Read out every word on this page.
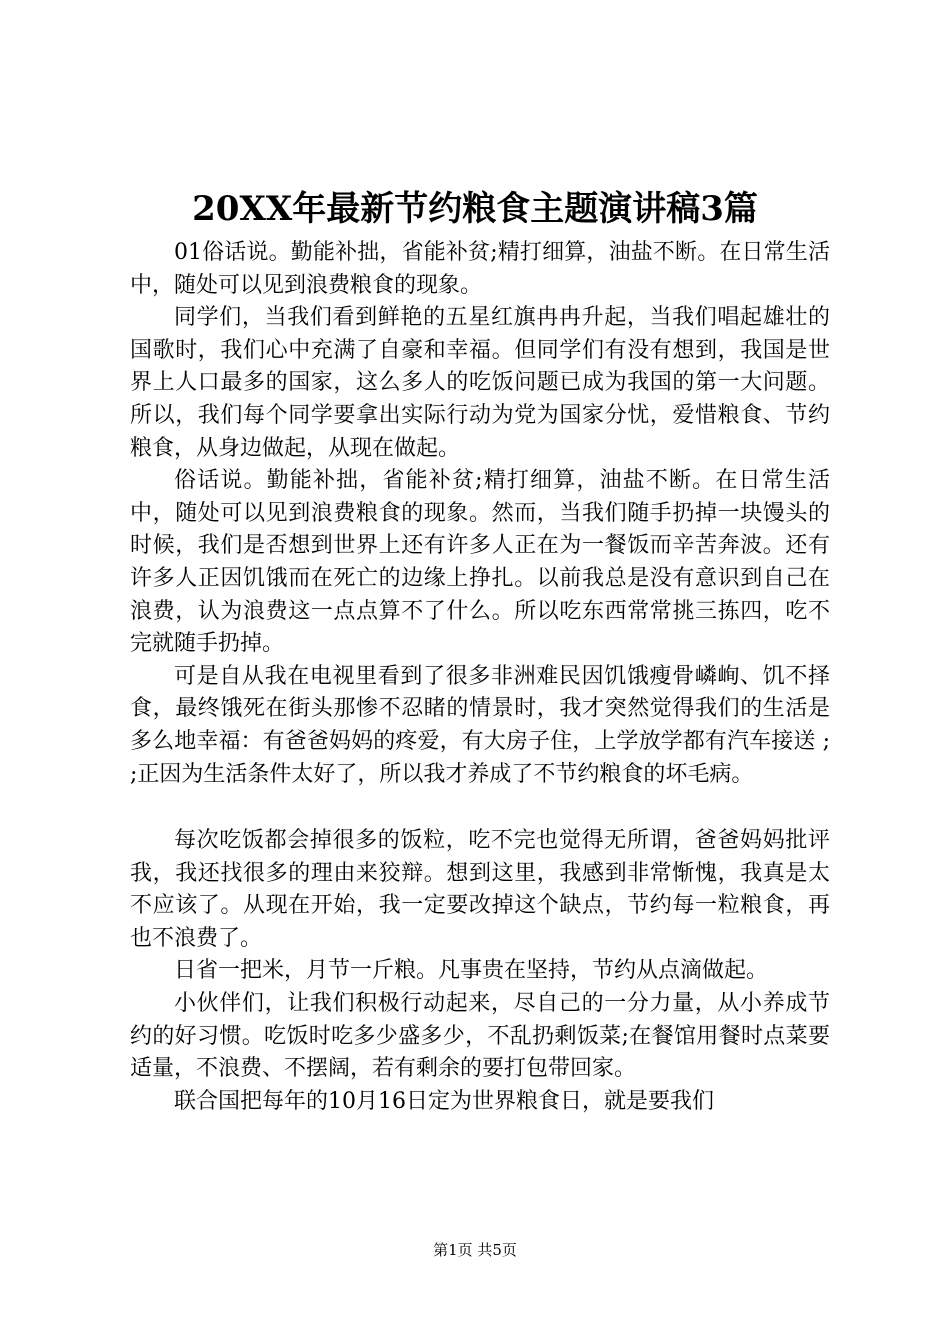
20XX年最新节约粮食主题演讲稿3篇

01俗话说。勤能补拙，省能补贫;精打细算，油盐不断。在日常生活中，随处可以见到浪费粮食的现象。

同学们，当我们看到鲜艳的五星红旗冉冉升起，当我们唱起雄壮的国歌时，我们心中充满了自豪和幸福。但同学们有没有想到，我国是世界上人口最多的国家，这么多人的吃饭问题已成为我国的第一大问题。所以，我们每个同学要拿出实际行动为党为国家分忧，爱惜粮食、节约粮食，从身边做起，从现在做起。

俗话说。勤能补拙，省能补贫;精打细算，油盐不断。在日常生活中，随处可以见到浪费粮食的现象。然而，当我们随手扔掉一块馒头的时候，我们是否想到世界上还有许多人正在为一餐饭而辛苦奔波。还有许多人正因饥饿而在死亡的边缘上挣扎。以前我总是没有意识到自己在浪费，认为浪费这一点点算不了什么。所以吃东西常常挑三拣四，吃不完就随手扔掉。

可是自从我在电视里看到了很多非洲难民因饥饿瘦骨嶙峋、饥不择食，最终饿死在街头那惨不忍睹的情景时，我才突然觉得我们的生活是多么地幸福：有爸爸妈妈的疼爱，有大房子住，上学放学都有汽车接送 ; ;正因为生活条件太好了，所以我才养成了不节约粮食的坏毛病。

每次吃饭都会掉很多的饭粒，吃不完也觉得无所谓，爸爸妈妈批评我，我还找很多的理由来狡辩。想到这里，我感到非常惭愧，我真是太不应该了。从现在开始，我一定要改掉这个缺点，节约每一粒粮食，再也不浪费了。

日省一把米，月节一斤粮。凡事贵在坚持，节约从点滴做起。

小伙伴们，让我们积极行动起来，尽自己的一分力量，从小养成节约的好习惯。吃饭时吃多少盛多少，不乱扔剩饭菜;在餐馆用餐时点菜要适量，不浪费、不摆阔，若有剩余的要打包带回家。

联合国把每年的10月16日定为世界粮食日，就是要我们

第1页 共5页
